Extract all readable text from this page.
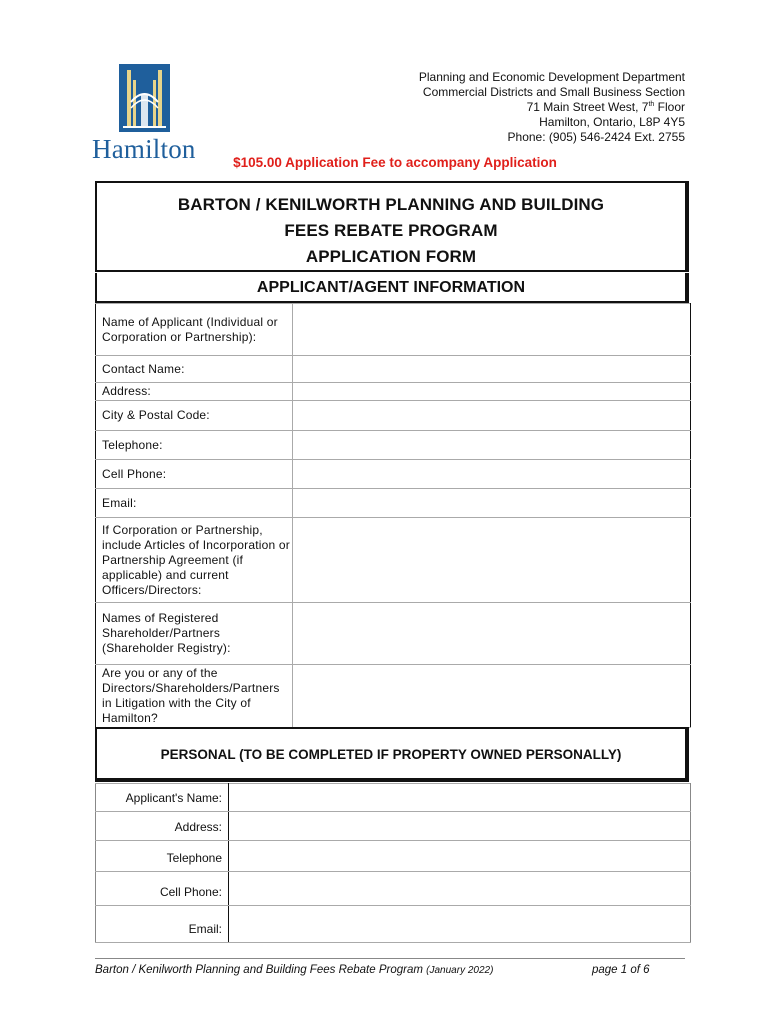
Hamilton
Planning and Economic Development Department
Commercial Districts and Small Business Section
71 Main Street West, 7th Floor
Hamilton, Ontario, L8P 4Y5
Phone: (905) 546-2424 Ext. 2755
$105.00 Application Fee to accompany Application
BARTON / KENILWORTH PLANNING AND BUILDING
FEES REBATE PROGRAM
APPLICATION FORM
APPLICANT/AGENT INFORMATION
Name of Applicant (Individual or Corporation or Partnership):	
Contact Name:	
Address:	
City & Postal Code:	
Telephone:	
Cell Phone:	
Email:	
If Corporation or Partnership, include Articles of Incorporation or Partnership Agreement (if applicable) and current Officers/Directors:	
Names of Registered Shareholder/Partners (Shareholder Registry):	
Are you or any of the Directors/Shareholders/Partners in Litigation with the City of Hamilton?	
PERSONAL (TO BE COMPLETED IF PROPERTY OWNED PERSONALLY)
Applicant's Name:	
Address:	
Telephone	
Cell Phone:	
Email:	
Barton / Kenilworth Planning and Building Fees Rebate Program (January 2022)	page 1 of 6
